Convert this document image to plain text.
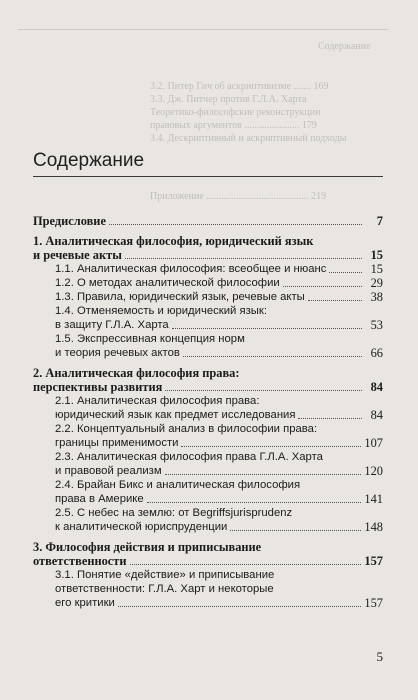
Содержание
3.2. Питер Гич об аскриптивизме ....... 169
3.3. Дж. Питчер против Г.Л.А. Харта
Теоретико-философские реконструкции
правовых аргументов ...................... 179
3.4. Дескриптивный и аскриптивный подходы
Приложение ......................................... 219
Содержание
Предисловие	7
1. Аналитическая философия, юридический язык
и речевые акты	15
1.1. Аналитическая философия: всеобщее и нюанс	15
1.2. О методах аналитической философии	29
1.3. Правила, юридический язык, речевые акты	38
1.4. Отменяемость и юридический язык:
в защиту Г.Л.А. Харта	53
1.5. Экспрессивная концепция норм
и теория речевых актов	66
2. Аналитическая философия права:
перспективы развития	84
2.1. Аналитическая философия права:
юридический язык как предмет исследования	84
2.2. Концептуальный анализ в философии права:
границы применимости	107
2.3. Аналитическая философия права Г.Л.А. Харта
и правовой реализм	120
2.4. Брайан Бикс и аналитическая философия
права в Америке	141
2.5. С небес на землю: от Begriffsjurisprudenz
к аналитической юриспруденции	148
3. Философия действия и приписывание
ответственности	157
3.1. Понятие «действие» и приписывание
ответственности: Г.Л.А. Харт и некоторые
его критики	157
5
